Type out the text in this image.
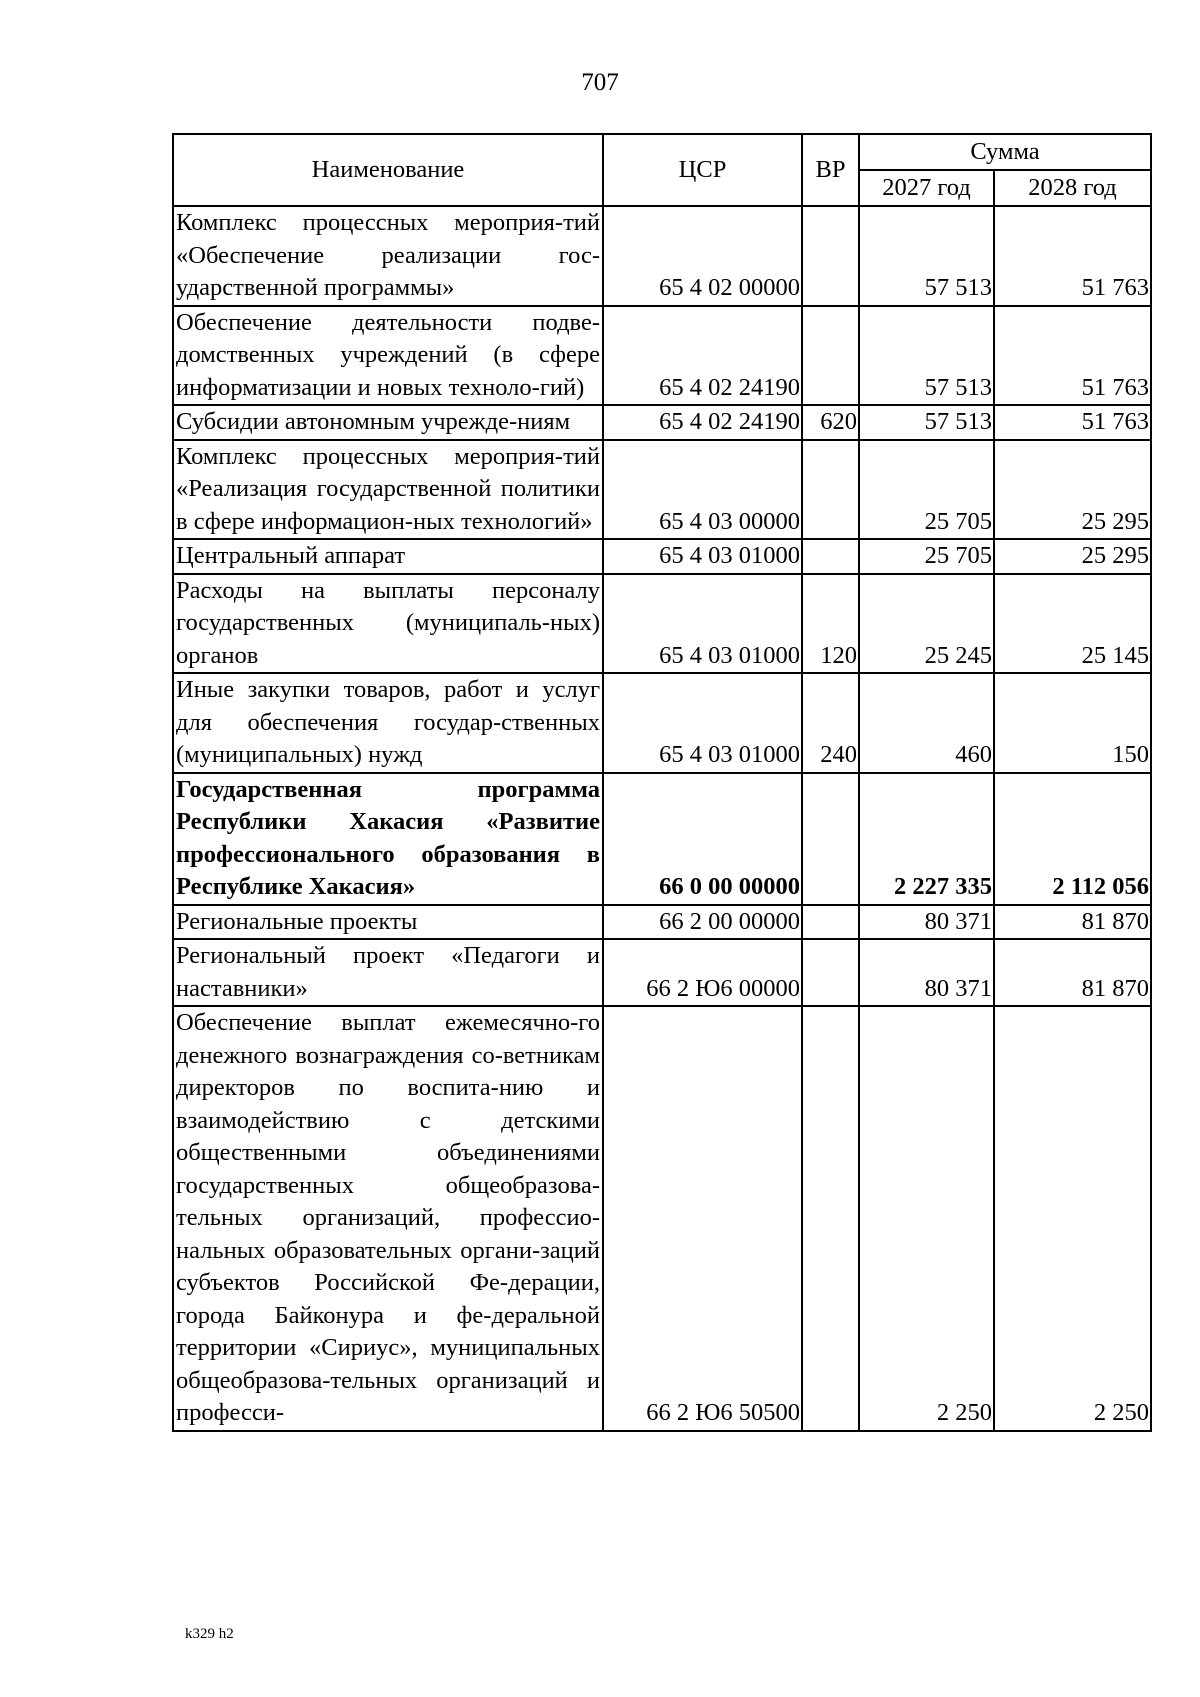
707
Наименование	ЦСР	ВР	Сумма	
			2027 год	2028 год
Комплекс процессных мероприя-тий «Обеспечение реализации гос-ударственной программы»	65 4 02 00000		57 513	51 763
Обеспечение деятельности подве-домственных учреждений (в сфере информатизации и новых техноло-гий)	65 4 02 24190		57 513	51 763
Субсидии автономным учрежде-ниям	65 4 02 24190	620	57 513	51 763
Комплекс процессных мероприя-тий «Реализация государственной политики в сфере информацион-ных технологий»	65 4 03 00000		25 705	25 295
Центральный аппарат	65 4 03 01000		25 705	25 295
Расходы на выплаты персоналу государственных (муниципаль-ных) органов	65 4 03 01000	120	25 245	25 145
Иные закупки товаров, работ и услуг для обеспечения государ-ственных (муниципальных) нужд	65 4 03 01000	240	460	150
Государственная программа Республики Хакасия «Развитие профессионального образования в Республике Хакасия»	66 0 00 00000		2 227 335	2 112 056
Региональные проекты	66 2 00 00000		80 371	81 870
Региональный проект «Педагоги и наставники»	66 2 Ю6 00000		80 371	81 870
Обеспечение выплат ежемесячно-го денежного вознаграждения со-ветникам директоров по воспита-нию и взаимодействию с детскими общественными объединениями государственных общеобразова-тельных организаций, профессио-нальных образовательных органи-заций субъектов Российской Фе-дерации, города Байконура и фе-деральной территории «Сириус», муниципальных общеобразова-тельных организаций и професси-	66 2 Ю6 50500		2 250	2 250
k329 h2
